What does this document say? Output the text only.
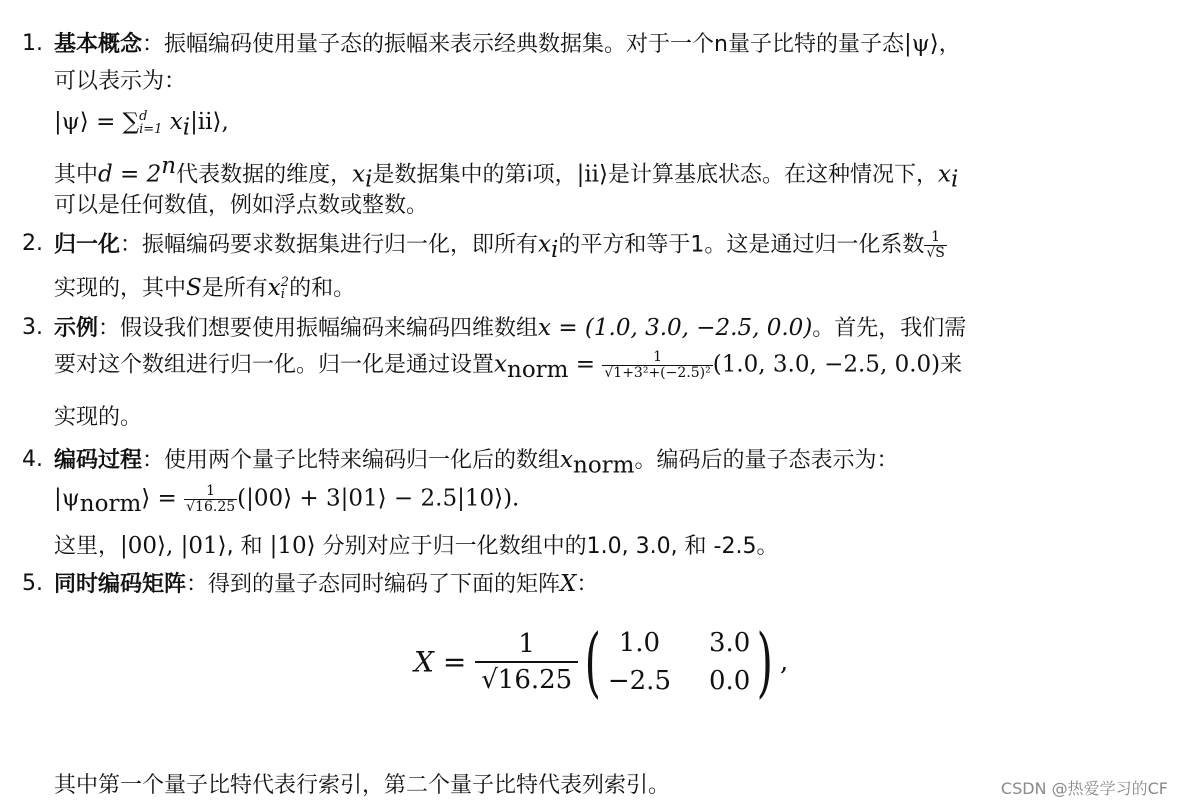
1. 基本概念：振幅编码使用量子态的振幅来表示经典数据集。对于一个n量子比特的量子态|ψ⟩，
可以表示为：
|ψ⟩ = ∑ d
i=1 $x_i|ii⟩$,
其中$d = 2^n$代表数据的维度，$x_i$是数据集中的第i项，|ii⟩是计算基底状态。在这种情况下，$x_i$
可以是任何数值，例如浮点数或整数。
2. 归一化：振幅编码要求数据集进行归一化，即所有$x_i$的平方和等于1。这是通过归一化系数 $\frac{1}{√S}$
实现的，其中S是所有x 2
i 的和。
3. 示例：假设我们想要使用振幅编码来编码四维数组x = (1.0, 3.0, −2.5, 0.0)。首先，我们需
要对这个数组进行归一化。归一化是通过设置$x_{norm} = \frac{1}{\text{√1+3²+(−2.5)²}} (1.0$, 3.0, −2.5, 0.0)来
实现的。
4. 编码过程：使用两个量子比特来编码归一化后的数组$x_{norm}$。编码后的量子态表示为：
$|\psi_{norm}⟩ = \frac{1}{√16.25}$ (|00⟩ + 3|01⟩ − 2.5|10⟩).
这里，|00⟩, |01⟩, 和 |10⟩ 分别对应于归一化数组中的1.0, 3.0, 和 -2.5。
5. 同时编码矩阵：得到的量子态同时编码了下面的矩阵X：
$X = \frac{1}{√16.25}$ ( 1.0	3.0
−2.5 0.0 ) ,
其中第一个量子比特代表行索引，第二个量子比特代表列索引。	CSDN @热爱学习的CF
